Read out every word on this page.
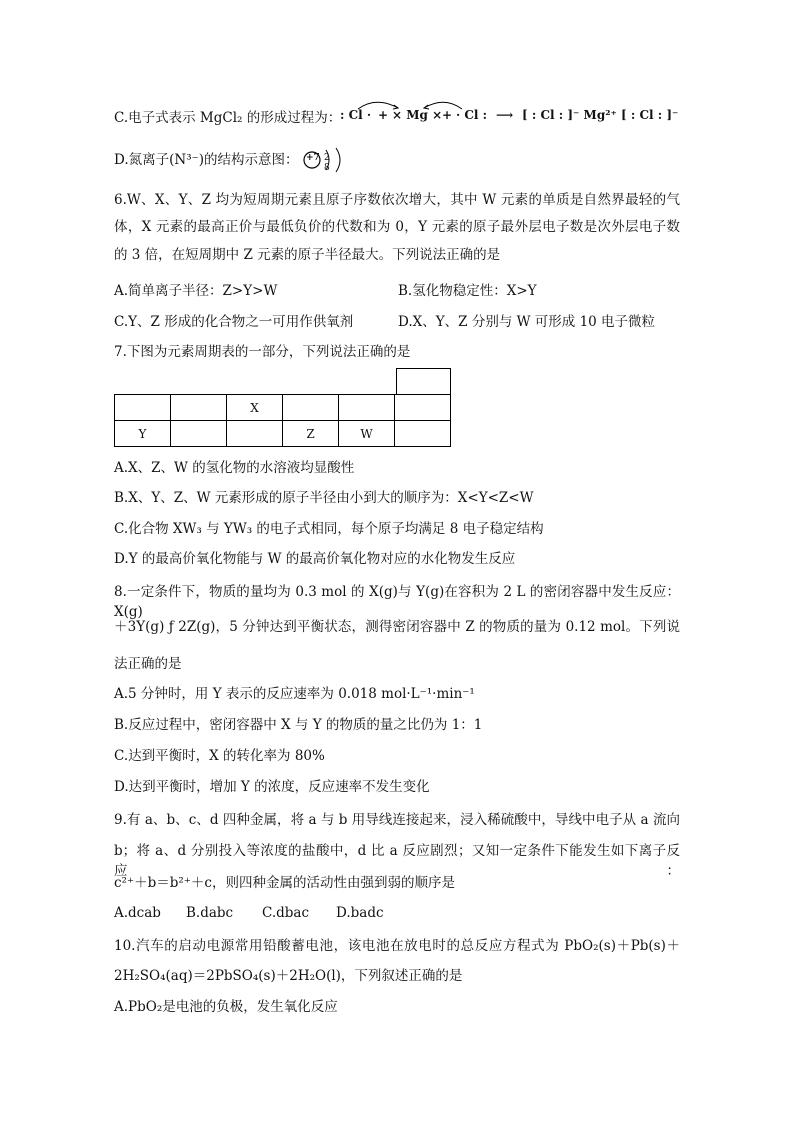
C.电子式表示 MgCl₂ 的形成过程为：
: Cl · + × Mg × + · Cl : ⟶ [ : Cl : ]⁻ Mg²⁺ [ : Cl : ]⁻
D.氮离子(N³⁻)的结构示意图： +7 2 8
6.W、X、Y、Z 均为短周期元素且原子序数依次增大，其中 W 元素的单质是自然界最轻的气
体，X 元素的最高正价与最低负价的代数和为 0，Y 元素的原子最外层电子数是次外层电子数
的 3 倍，在短周期中 Z 元素的原子半径最大。下列说法正确的是
A.简单离子半径：Z>Y>W	B.氢化物稳定性：X>Y
C.Y、Z 形成的化合物之一可用作供氧剂	D.X、Y、Z 分别与 W 可形成 10 电子微粒
7.下图为元素周期表的一部分，下列说法正确的是
		X			
Y			Z	W	
A.X、Z、W 的氢化物的水溶液均显酸性
B.X、Y、Z、W 元素形成的原子半径由小到大的顺序为：X<Y<Z<W
C.化合物 XW₃ 与 YW₃ 的电子式相同，每个原子均满足 8 电子稳定结构
D.Y 的最高价氧化物能与 W 的最高价氧化物对应的水化物发生反应
8.一定条件下，物质的量均为 0.3 mol 的 X(g)与 Y(g)在容积为 2 L 的密闭容器中发生反应：X(g)
＋3Y(g) ƒ 2Z(g)，5 分钟达到平衡状态，测得密闭容器中 Z 的物质的量为 0.12 mol。下列说
法正确的是
A.5 分钟时，用 Y 表示的反应速率为 0.018 mol·L⁻¹·min⁻¹
B.反应过程中，密闭容器中 X 与 Y 的物质的量之比仍为 1：1
C.达到平衡时，X 的转化率为 80%
D.达到平衡时，增加 Y 的浓度，反应速率不发生变化
9.有 a、b、c、d 四种金属，将 a 与 b 用导线连接起来，浸入稀硫酸中，导线中电子从 a 流向
b；将 a、d 分别投入等浓度的盐酸中，d 比 a 反应剧烈；又知一定条件下能发生如下离子反应：
c²⁺＋b＝b²⁺＋c，则四种金属的活动性由强到弱的顺序是
A.dcab B.dabc C.dbac D.badc
10.汽车的启动电源常用铅酸蓄电池，该电池在放电时的总反应方程式为 PbO₂(s)＋Pb(s)＋
2H₂SO₄(aq)＝2PbSO₄(s)＋2H₂O(l)，下列叙述正确的是
A.PbO₂是电池的负极，发生氧化反应
